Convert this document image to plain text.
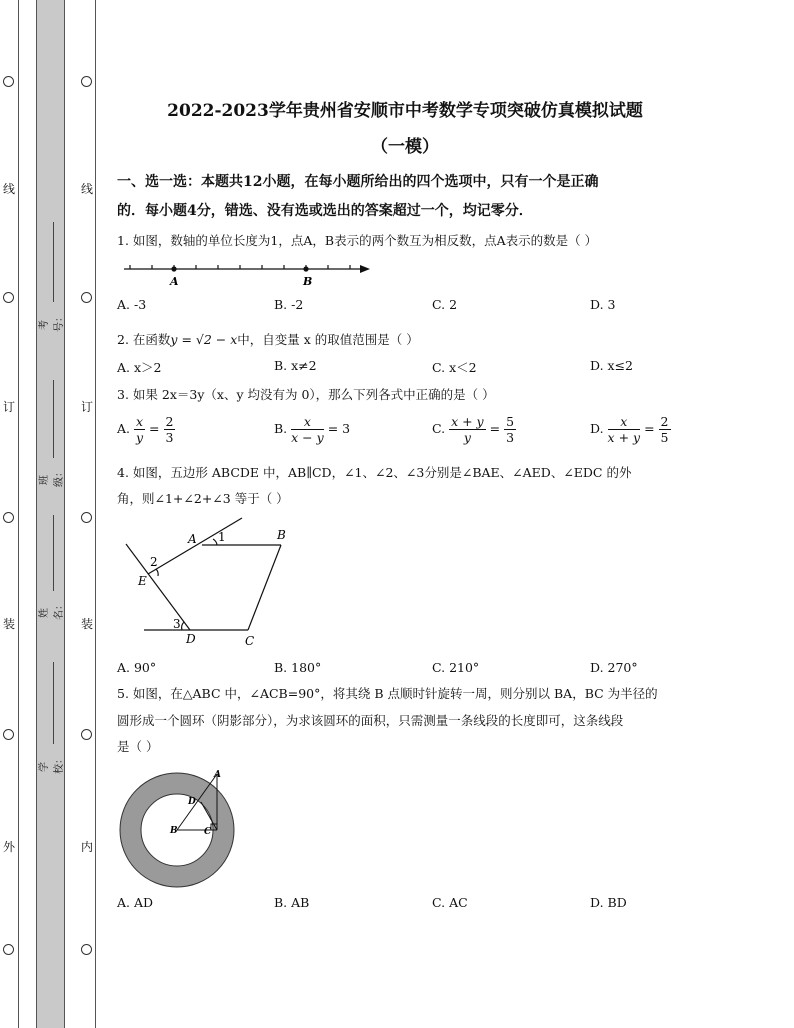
线
订
装
外
线
订
装
内
考号：
班级：
姓名：
学校：
2022-2023学年贵州省安顺市中考数学专项突破仿真模拟试题
（一模）
一、选一选：本题共12小题，在每小题所给出的四个选项中，只有一个是正确
的．每小题4分，错选、没有选或选出的答案超过一个，均记零分．
1. 如图，数轴的单位长度为1，点A，B表示的两个数互为相反数，点A表示的数是（ ）
A	B
A. -3	B. -2	C. 2	D. 3
2. 在函数y = √2 − x中，自变量 x 的取值范围是（ ）
A. x＞2	B. x≠2	C. x＜2	D. x≤2
3. 如果 2x＝3y（x、y 均没有为 0），那么下列各式中正确的是（ ）
A. $\frac{x}{y} = \frac{2}{3}$	B. $\frac{x}{x - y} = 3$	C. $\frac{x + y}{y} = \frac{5}{3}$	D. $\frac{x}{x + y} = \frac{2}{5}$
4. 如图，五边形 ABCDE 中，AB∥CD，∠1、∠2、∠3分别是∠BAE、∠AED、∠EDC 的外
角，则∠1+∠2+∠3 等于（ ）
A	B
C
D
E
1
2
3
A. 90°	B. 180°	C. 210°	D. 270°
5. 如图，在△ABC 中，∠ACB=90°，将其绕 B 点顺时针旋转一周，则分别以 BA，BC 为半径的
圆形成一个圆环（阴影部分），为求该圆环的面积，只需测量一条线段的长度即可，这条线段
是（ ）
A
B	C
D
A. AD	B. AB	C. AC	D. BD
